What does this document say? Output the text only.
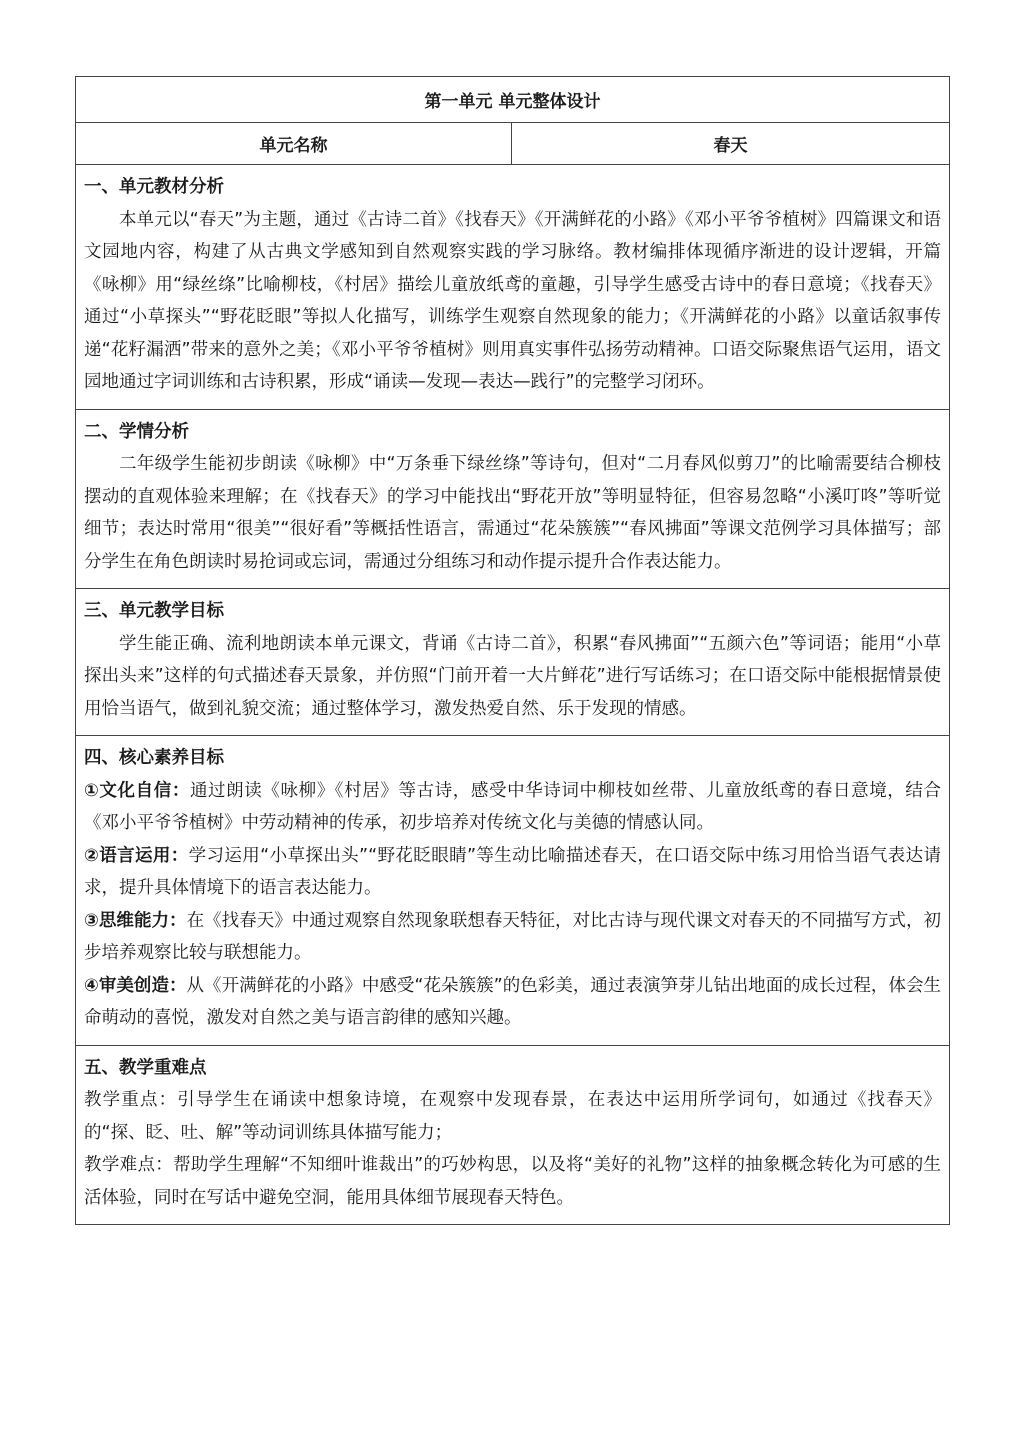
第一单元 单元整体设计
单元名称	春天

一、单元教材分析

本单元以“春天”为主题，通过《古诗二首》《找春天》《开满鲜花的小路》《邓小平爷爷植树》四篇课文和语文园地内容，构建了从古典文学感知到自然观察实践的学习脉络。教材编排体现循序渐进的设计逻辑，开篇《咏柳》用“绿丝绦”比喻柳枝，《村居》描绘儿童放纸鸢的童趣，引导学生感受古诗中的春日意境；《找春天》通过“小草探头”“野花眨眼”等拟人化描写，训练学生观察自然现象的能力；《开满鲜花的小路》以童话叙事传递“花籽漏洒”带来的意外之美；《邓小平爷爷植树》则用真实事件弘扬劳动精神。口语交际聚焦语气运用，语文园地通过字词训练和古诗积累，形成“诵读—发现—表达—践行”的完整学习闭环。

二、学情分析

二年级学生能初步朗读《咏柳》中“万条垂下绿丝绦”等诗句，但对“二月春风似剪刀”的比喻需要结合柳枝摆动的直观体验来理解；在《找春天》的学习中能找出“野花开放”等明显特征，但容易忽略“小溪叮咚”等听觉细节；表达时常用“很美”“很好看”等概括性语言，需通过“花朵簇簇”“春风拂面”等课文范例学习具体描写；部分学生在角色朗读时易抢词或忘词，需通过分组练习和动作提示提升合作表达能力。

三、单元教学目标

学生能正确、流利地朗读本单元课文，背诵《古诗二首》，积累“春风拂面”“五颜六色”等词语；能用“小草探出头来”这样的句式描述春天景象，并仿照“门前开着一大片鲜花”进行写话练习；在口语交际中能根据情景使用恰当语气，做到礼貌交流；通过整体学习，激发热爱自然、乐于发现的情感。

四、核心素养目标

①文化自信：通过朗读《咏柳》《村居》等古诗，感受中华诗词中柳枝如丝带、儿童放纸鸢的春日意境，结合《邓小平爷爷植树》中劳动精神的传承，初步培养对传统文化与美德的情感认同。

②语言运用：学习运用“小草探出头”“野花眨眼睛”等生动比喻描述春天，在口语交际中练习用恰当语气表达请求，提升具体情境下的语言表达能力。

③思维能力：在《找春天》中通过观察自然现象联想春天特征，对比古诗与现代课文对春天的不同描写方式，初步培养观察比较与联想能力。

④审美创造：从《开满鲜花的小路》中感受“花朵簇簇”的色彩美，通过表演笋芽儿钻出地面的成长过程，体会生命萌动的喜悦，激发对自然之美与语言韵律的感知兴趣。

五、教学重难点

教学重点：引导学生在诵读中想象诗境，在观察中发现春景，在表达中运用所学词句，如通过《找春天》的“探、眨、吐、解”等动词训练具体描写能力；

教学难点：帮助学生理解“不知细叶谁裁出”的巧妙构思，以及将“美好的礼物”这样的抽象概念转化为可感的生活体验，同时在写话中避免空洞，能用具体细节展现春天特色。
